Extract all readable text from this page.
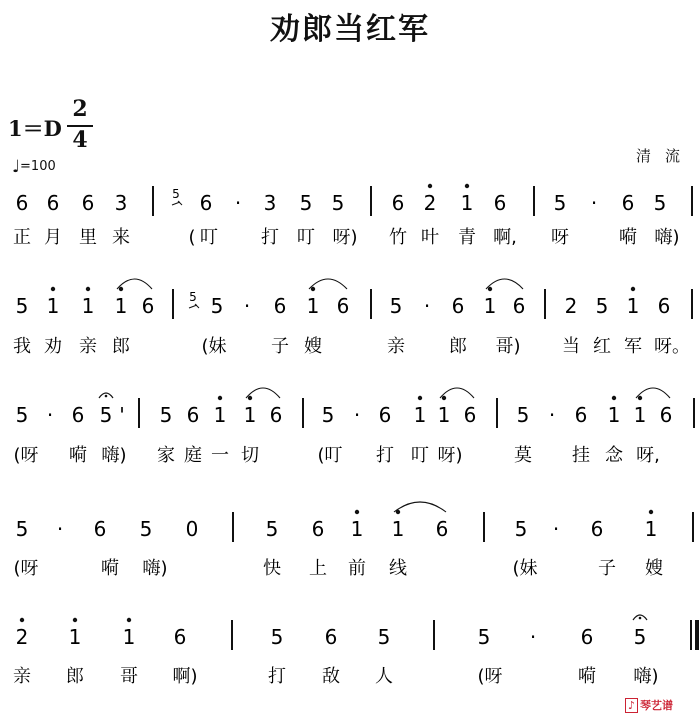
劝郎当红军
1＝D
2
4
♩=100
清流
6 6 6 3	6 · 3 5 5 6 2 1 6 5 · 6 5
5
正 月 里 来	( 叮 打 叮 呀) 竹 叶 青 啊, 呀	嗬 嗨)
5 1 1 1 6	5 · 6 1 6 5 · 6 1 6 2 5 1 6
5
我 劝 亲 郎	(妹 子 嫂	亲 郎 哥) 当 红 军 呀。
5 · 6 5 ' 5 6 1 1 6 5 · 6 1 1 6 5 · 6 1 1 6
(呀 嗬 嗨) 家 庭 一 切	(叮 打 叮 呀)	莫 挂 念 呀,
5 · 6 5 0	5 6 1 1 6	5 · 6 1
(呀	嗬 嗨)	快 上 前 线	(妹	子 嫂
2 1 1 6	5 6 5	5 · 6 5
亲 郎 哥 啊)	打 敌 人	(呀	嗬 嗨)
♪ 琴艺谱
